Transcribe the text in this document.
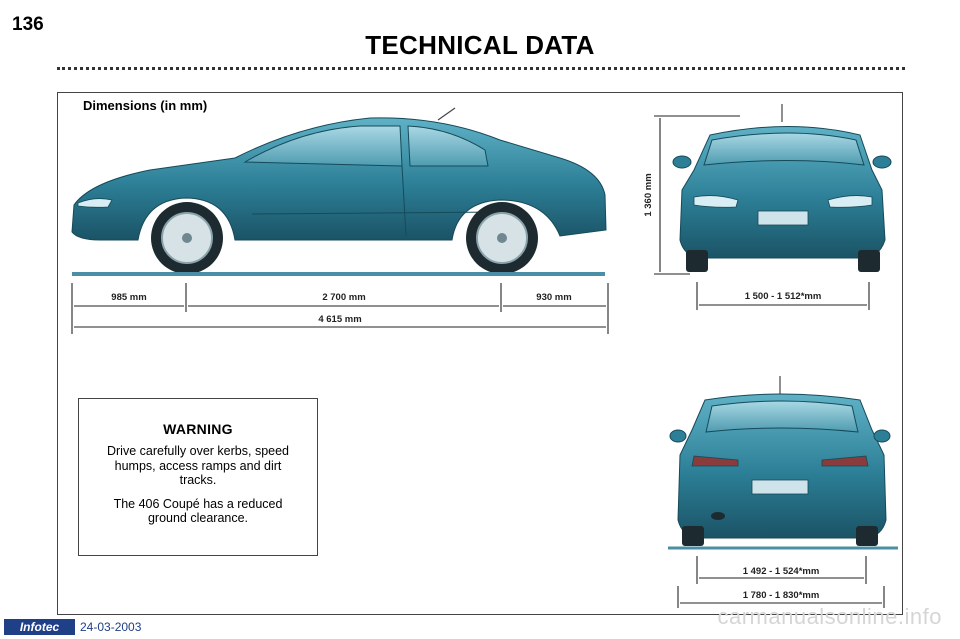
136
TECHNICAL DATA
Dimensions (in mm)
985 mm	2 700 mm	930 mm
4 615 mm
1 360 mm
1 500 - 1 512*mm
1 492 - 1 524*mm
1 780 - 1 830*mm
WARNING
Drive carefully over kerbs, speed humps, access ramps and dirt tracks.
The 406 Coupé has a reduced ground clearance.
Infotec	24-03-2003	carmanualsonline.info
